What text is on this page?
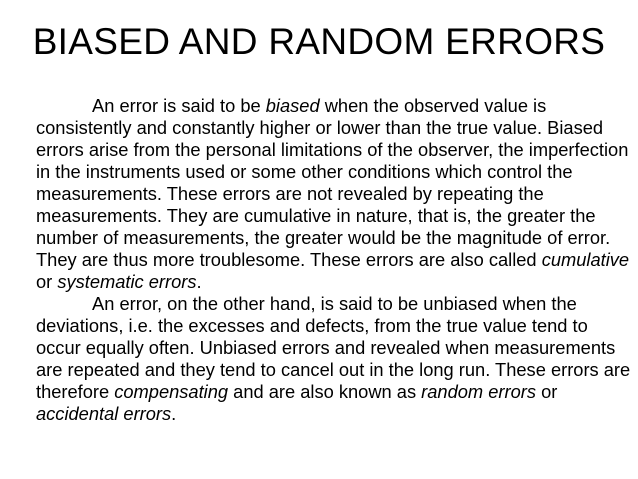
BIASED AND RANDOM ERRORS

An error is said to be biased when the observed value is consistently and constantly higher or lower than the true value. Biased errors arise from the personal limitations of the observer, the imperfection in the instruments used or some other conditions which control the measurements. These errors are not revealed by repeating the measurements. They are cumulative in nature, that is, the greater the number of measurements, the greater would be the magnitude of error. They are thus more troublesome. These errors are also called cumulative or systematic errors.

An error, on the other hand, is said to be unbiased when the deviations, i.e. the excesses and defects, from the true value tend to occur equally often. Unbiased errors and revealed when measurements are repeated and they tend to cancel out in the long run. These errors are therefore compensating and are also known as random errors or accidental errors.
